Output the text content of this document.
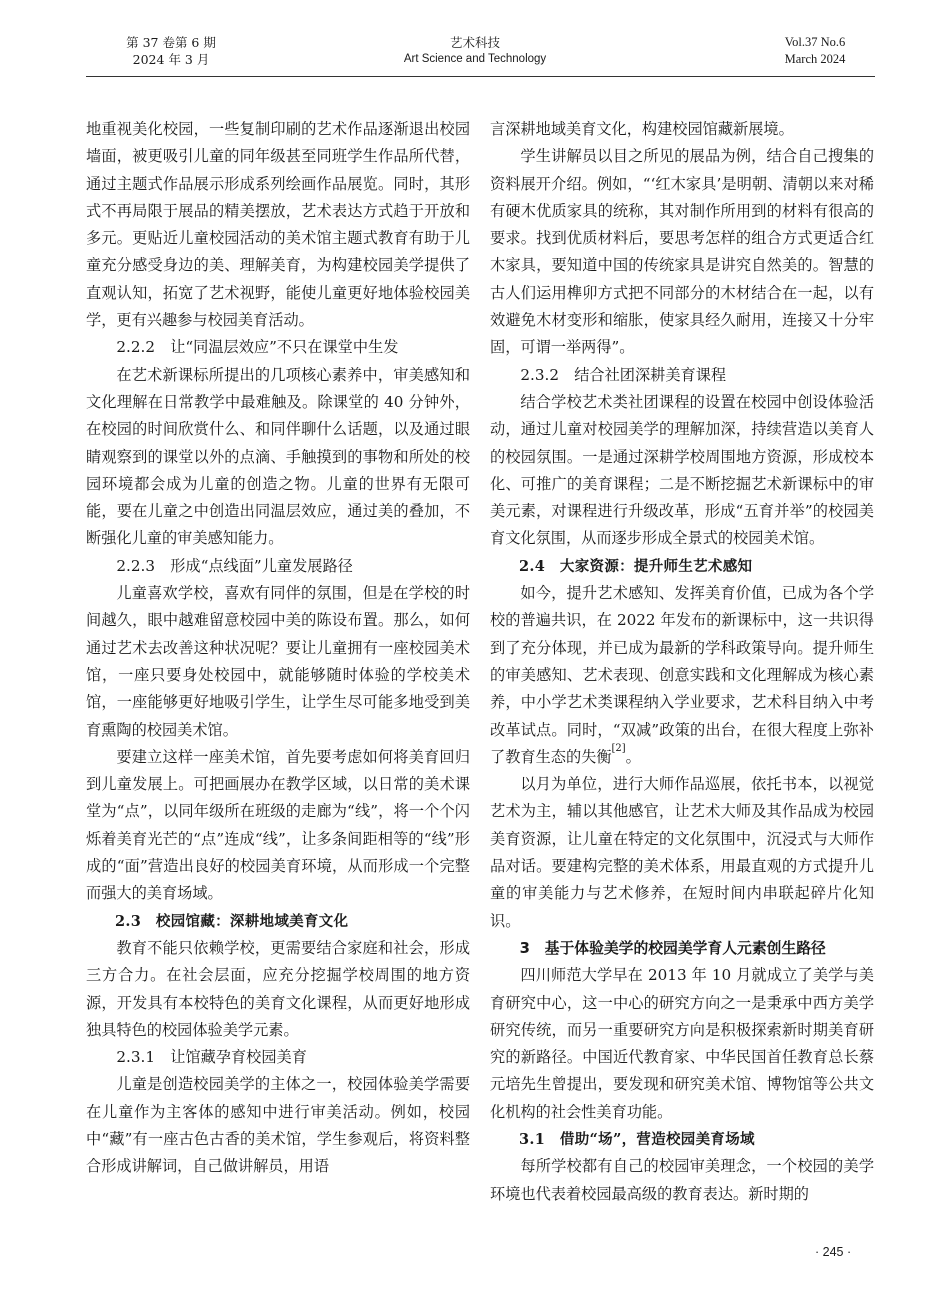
第 37 卷第 6 期
2024 年 3 月
艺术科技
Art Science and Technology
Vol.37 No.6
March 2024

地重视美化校园，一些复制印刷的艺术作品逐渐退出校园墙面，被更吸引儿童的同年级甚至同班学生作品所代替，通过主题式作品展示形成系列绘画作品展览。同时，其形式不再局限于展品的精美摆放，艺术表达方式趋于开放和多元。更贴近儿童校园活动的美术馆主题式教育有助于儿童充分感受身边的美、理解美育，为构建校园美学提供了直观认知，拓宽了艺术视野，能使儿童更好地体验校园美学，更有兴趣参与校园美育活动。

2.2.2　让“同温层效应”不只在课堂中生发

在艺术新课标所提出的几项核心素养中，审美感知和文化理解在日常教学中最难触及。除课堂的 40 分钟外，在校园的时间欣赏什么、和同伴聊什么话题，以及通过眼睛观察到的课堂以外的点滴、手触摸到的事物和所处的校园环境都会成为儿童的创造之物。儿童的世界有无限可能，要在儿童之中创造出同温层效应，通过美的叠加，不断强化儿童的审美感知能力。

2.2.3　形成“点线面”儿童发展路径

儿童喜欢学校，喜欢有同伴的氛围，但是在学校的时间越久，眼中越难留意校园中美的陈设布置。那么，如何通过艺术去改善这种状况呢？要让儿童拥有一座校园美术馆，一座只要身处校园中，就能够随时体验的学校美术馆，一座能够更好地吸引学生，让学生尽可能多地受到美育熏陶的校园美术馆。

要建立这样一座美术馆，首先要考虑如何将美育回归到儿童发展上。可把画展办在教学区域，以日常的美术课堂为“点”，以同年级所在班级的走廊为“线”，将一个个闪烁着美育光芒的“点”连成“线”，让多条间距相等的“线”形成的“面”营造出良好的校园美育环境，从而形成一个完整而强大的美育场域。

2.3　校园馆藏：深耕地域美育文化

教育不能只依赖学校，更需要结合家庭和社会，形成三方合力。在社会层面，应充分挖掘学校周围的地方资源，开发具有本校特色的美育文化课程，从而更好地形成独具特色的校园体验美学元素。

2.3.1　让馆藏孕育校园美育

儿童是创造校园美学的主体之一，校园体验美学需要在儿童作为主客体的感知中进行审美活动。例如，校园中“藏”有一座古色古香的美术馆，学生参观后，将资料整合形成讲解词，自己做讲解员，用语

言深耕地域美育文化，构建校园馆藏新展境。

学生讲解员以目之所见的展品为例，结合自己搜集的资料展开介绍。例如，“‘红木家具’是明朝、清朝以来对稀有硬木优质家具的统称，其对制作所用到的材料有很高的要求。找到优质材料后，要思考怎样的组合方式更适合红木家具，要知道中国的传统家具是讲究自然美的。智慧的古人们运用榫卯方式把不同部分的木材结合在一起，以有效避免木材变形和缩胀，使家具经久耐用，连接又十分牢固，可谓一举两得”。

2.3.2　结合社团深耕美育课程

结合学校艺术类社团课程的设置在校园中创设体验活动，通过儿童对校园美学的理解加深，持续营造以美育人的校园氛围。一是通过深耕学校周围地方资源，形成校本化、可推广的美育课程；二是不断挖掘艺术新课标中的审美元素，对课程进行升级改革，形成“五育并举”的校园美育文化氛围，从而逐步形成全景式的校园美术馆。

2.4　大家资源：提升师生艺术感知

如今，提升艺术感知、发挥美育价值，已成为各个学校的普遍共识，在 2022 年发布的新课标中，这一共识得到了充分体现，并已成为最新的学科政策导向。提升师生的审美感知、艺术表现、创意实践和文化理解成为核心素养，中小学艺术类课程纳入学业要求，艺术科目纳入中考改革试点。同时，“双减”政策的出台，在很大程度上弥补了教育生态的失衡[2]。

以月为单位，进行大师作品巡展，依托书本，以视觉艺术为主，辅以其他感官，让艺术大师及其作品成为校园美育资源，让儿童在特定的文化氛围中，沉浸式与大师作品对话。要建构完整的美术体系，用最直观的方式提升儿童的审美能力与艺术修养，在短时间内串联起碎片化知识。

3　基于体验美学的校园美学育人元素创生路径

四川师范大学早在 2013 年 10 月就成立了美学与美育研究中心，这一中心的研究方向之一是秉承中西方美学研究传统，而另一重要研究方向是积极探索新时期美育研究的新路径。中国近代教育家、中华民国首任教育总长蔡元培先生曾提出，要发现和研究美术馆、博物馆等公共文化机构的社会性美育功能。

3.1　借助“场”，营造校园美育场域

每所学校都有自己的校园审美理念，一个校园的美学环境也代表着校园最高级的教育表达。新时期的

· 245 ·
